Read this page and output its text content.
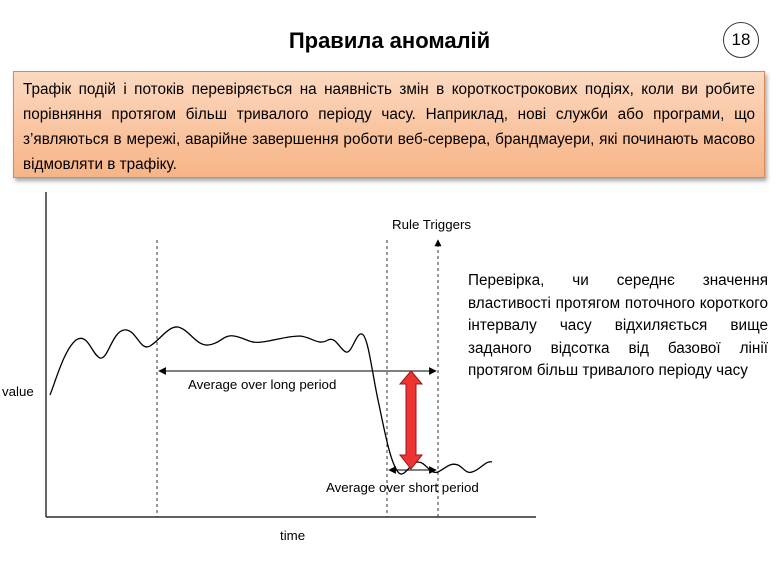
Правила аномалій	18
Трафік подій і потоків перевіряється на наявність змін в короткострокових подіях, коли ви робите порівняння протягом більш тривалого періоду часу. Наприклад, нові служби або програми, що з’являються в мережі, аварійне завершення роботи веб-сервера, брандмауери, які починають масово відмовляти в трафіку.
Average over long period
Average over short period
Rule Triggers
value
time
Перевірка, чи середнє значення властивості протягом поточного короткого інтервалу часу відхиляється вище заданого відсотка від базової лінії протягом більш тривалого періоду часу
